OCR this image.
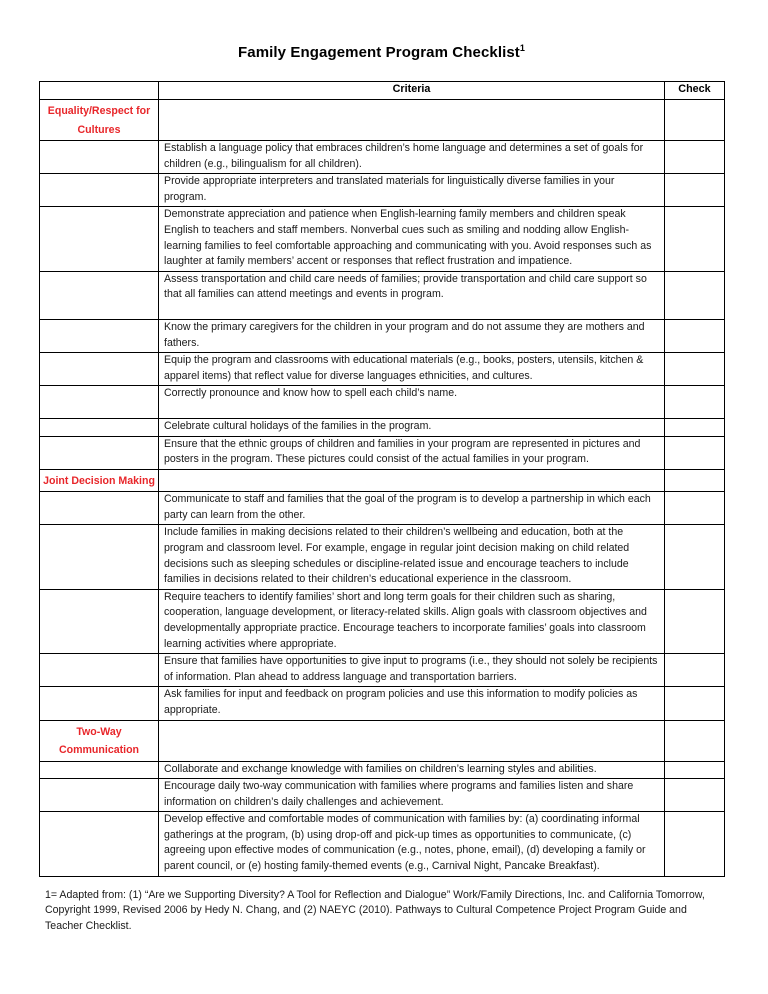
Family Engagement Program Checklist$^1$
	Criteria	Check
Equality/Respect for Cultures		
	Establish a language policy that embraces children’s home language and determines a set of goals for children (e.g., bilingualism for all children).	
	Provide appropriate interpreters and translated materials for linguistically diverse families in your program.	
	Demonstrate appreciation and patience when English-learning family members and children speak English to teachers and staff members. Nonverbal cues such as smiling and nodding allow English-learning families to feel comfortable approaching and communicating with you. Avoid responses such as laughter at family members’ accent or responses that reflect frustration and impatience.	
	Assess transportation and child care needs of families; provide transportation and child care support so that all families can attend meetings and events in program.	
	Know the primary caregivers for the children in your program and do not assume they are mothers and fathers.	
	Equip the program and classrooms with educational materials (e.g., books, posters, utensils, kitchen & apparel items) that reflect value for diverse languages ethnicities, and cultures.	
	Correctly pronounce and know how to spell each child’s name.	
	Celebrate cultural holidays of the families in the program.	
	Ensure that the ethnic groups of children and families in your program are represented in pictures and posters in the program. These pictures could consist of the actual families in your program.	
Joint Decision Making		
	Communicate to staff and families that the goal of the program is to develop a partnership in which each party can learn from the other.	
	Include families in making decisions related to their children’s wellbeing and education, both at the program and classroom level. For example, engage in regular joint decision making on child related decisions such as sleeping schedules or discipline-related issue and encourage teachers to include families in decisions related to their children’s educational experience in the classroom.	
	Require teachers to identify families’ short and long term goals for their children such as sharing, cooperation, language development, or literacy-related skills. Align goals with classroom objectives and developmentally appropriate practice. Encourage teachers to incorporate families’ goals into classroom learning activities where appropriate.	
	Ensure that families have opportunities to give input to programs (i.e., they should not solely be recipients of information. Plan ahead to address language and transportation barriers.	
	Ask families for input and feedback on program policies and use this information to modify policies as appropriate.	
Two-Way Communication		
	Collaborate and exchange knowledge with families on children’s learning styles and abilities.	
	Encourage daily two-way communication with families where programs and families listen and share information on children’s daily challenges and achievement.	
	Develop effective and comfortable modes of communication with families by: (a) coordinating informal gatherings at the program, (b) using drop-off and pick-up times as opportunities to communicate, (c) agreeing upon effective modes of communication (e.g., notes, phone, email), (d) developing a family or parent council, or (e) hosting family-themed events (e.g., Carnival Night, Pancake Breakfast).	
1= Adapted from: (1) “Are we Supporting Diversity? A Tool for Reflection and Dialogue” Work/Family Directions, Inc. and California Tomorrow, Copyright 1999, Revised 2006 by Hedy N. Chang, and (2) NAEYC (2010). Pathways to Cultural Competence Project Program Guide and Teacher Checklist.
